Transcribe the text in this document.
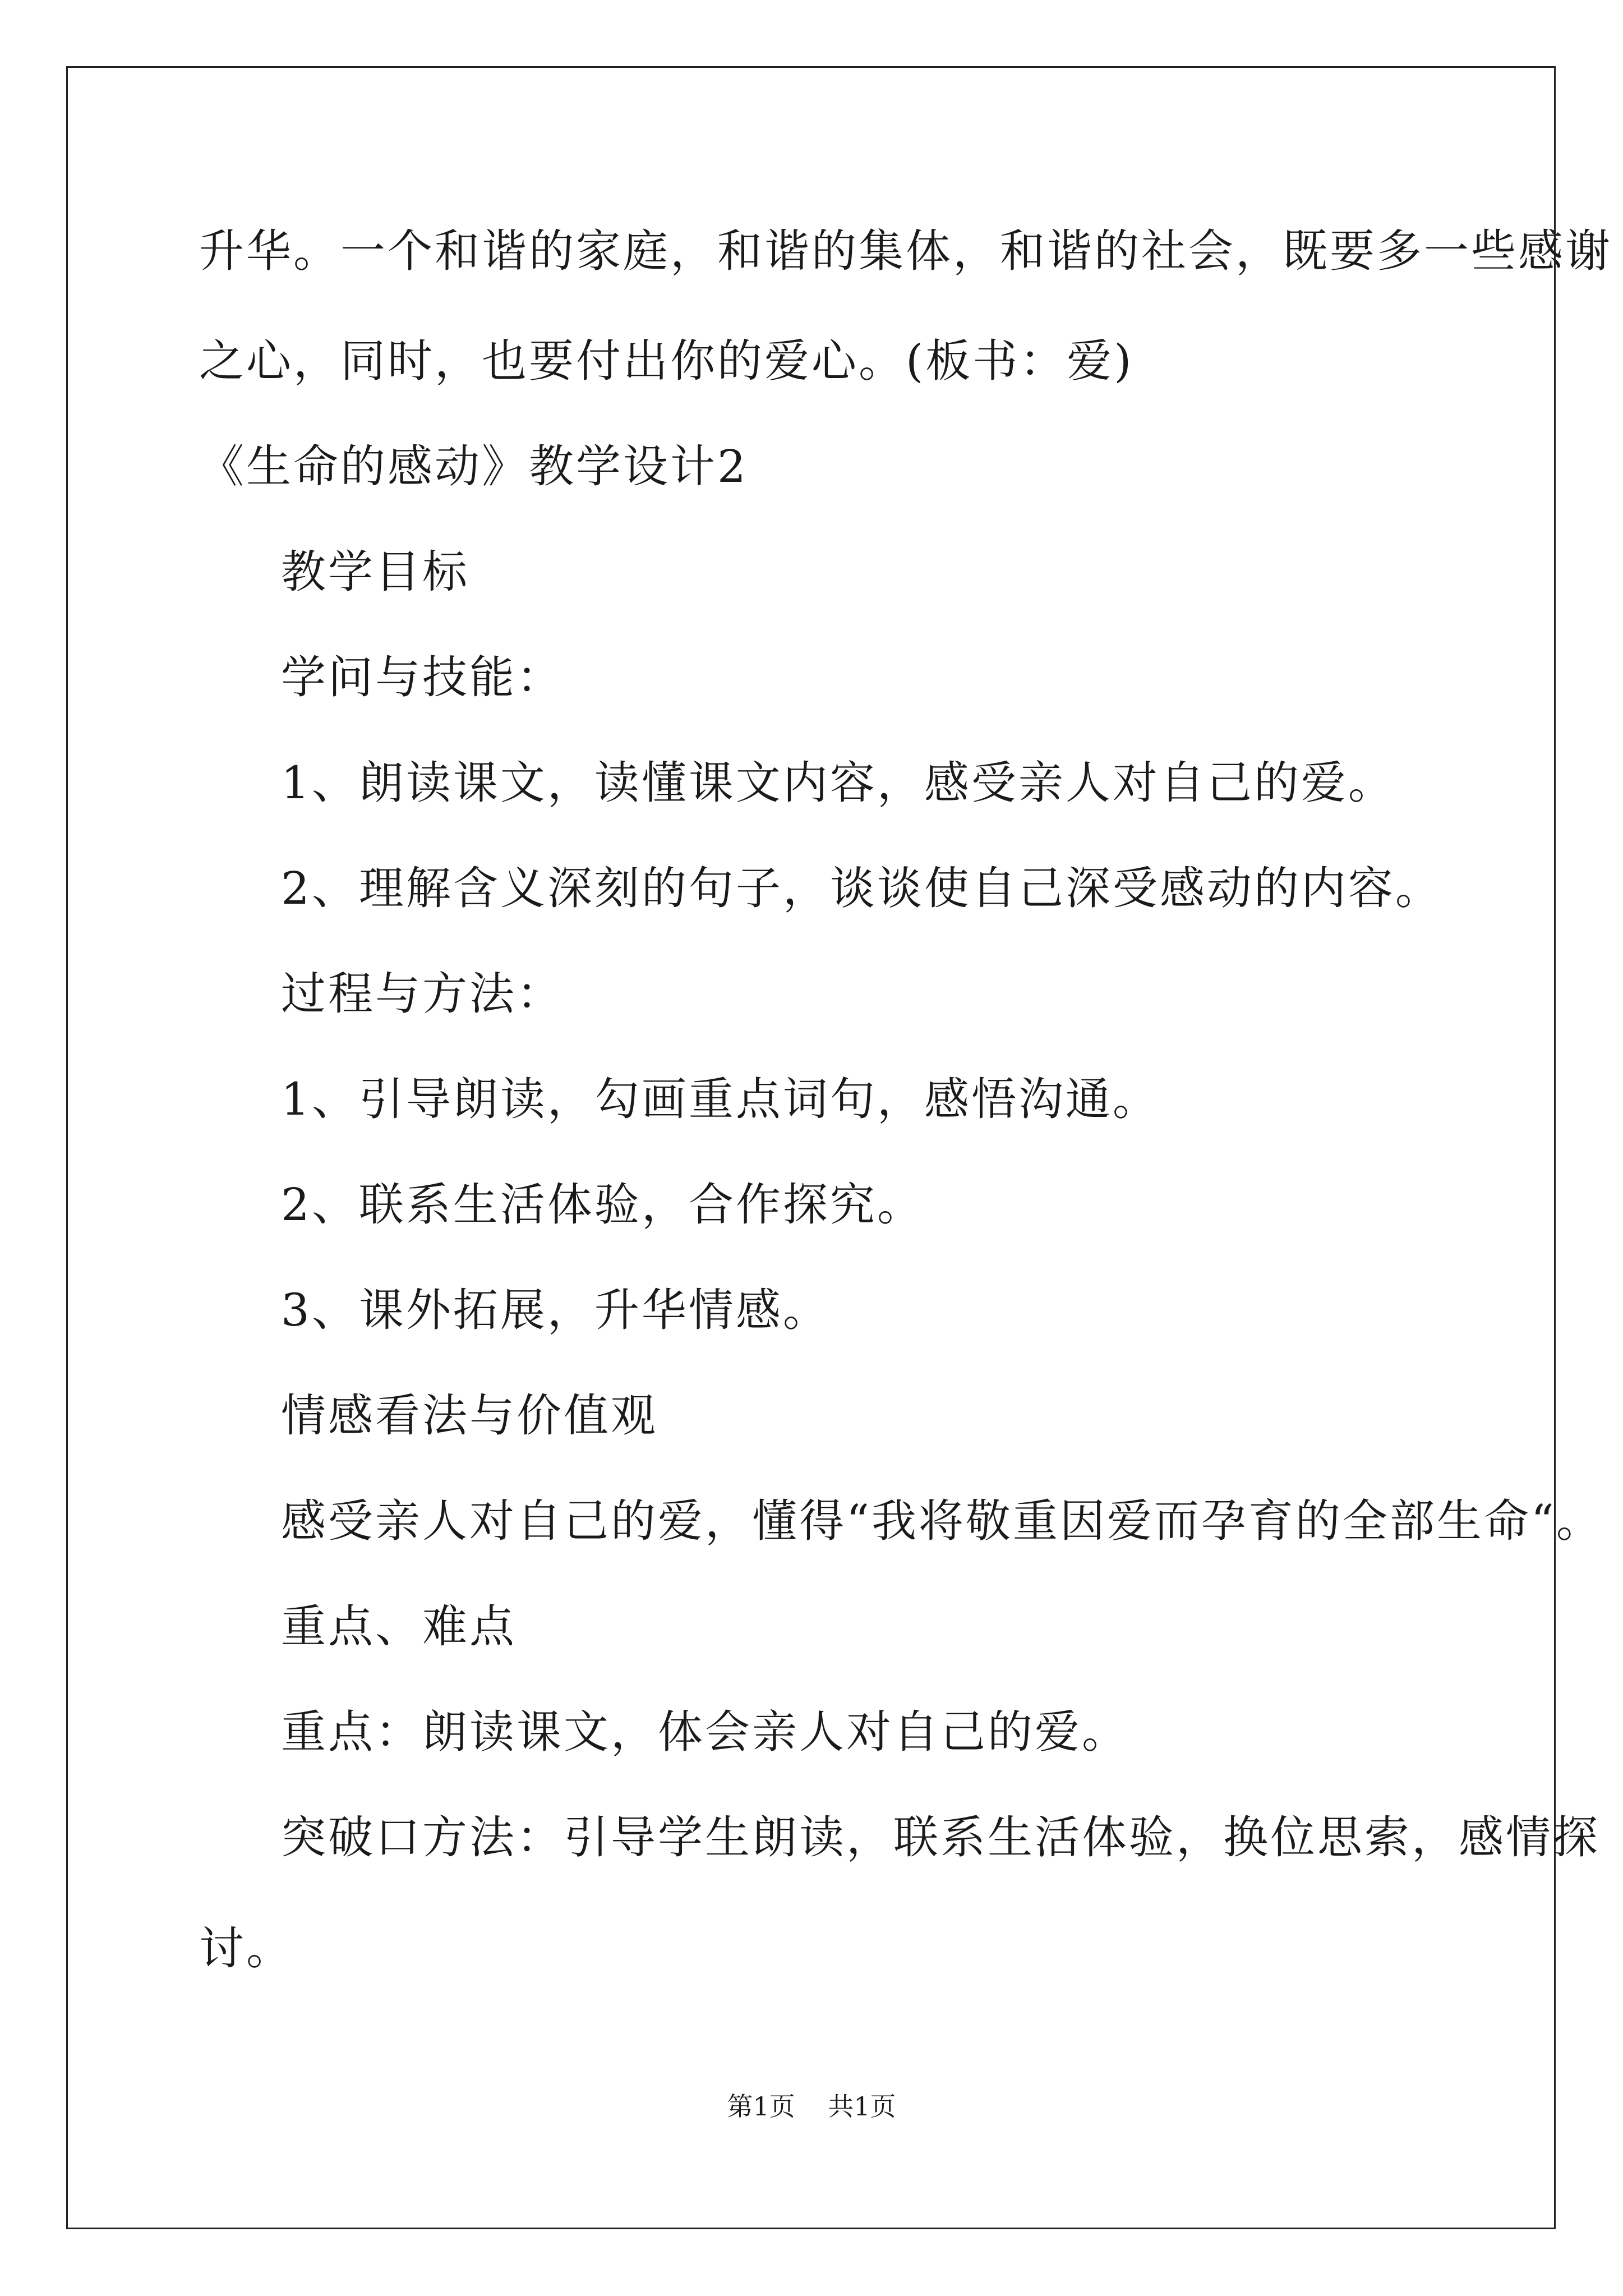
升华。一个和谐的家庭，和谐的集体，和谐的社会，既要多一些感谢
之心，同时，也要付出你的爱心。(板书：爱)
《生命的感动》教学设计2
教学目标
学问与技能：
1、朗读课文，读懂课文内容，感受亲人对自己的爱。
2、理解含义深刻的句子，谈谈使自己深受感动的内容。
过程与方法：
1、引导朗读，勾画重点词句，感悟沟通。
2、联系生活体验，合作探究。
3、课外拓展，升华情感。
情感看法与价值观
感受亲人对自己的爱，懂得“我将敬重因爱而孕育的全部生命“。
重点、难点
重点：朗读课文，体会亲人对自己的爱。
突破口方法：引导学生朗读，联系生活体验，换位思索，感情探
讨。
第1页 共1页
